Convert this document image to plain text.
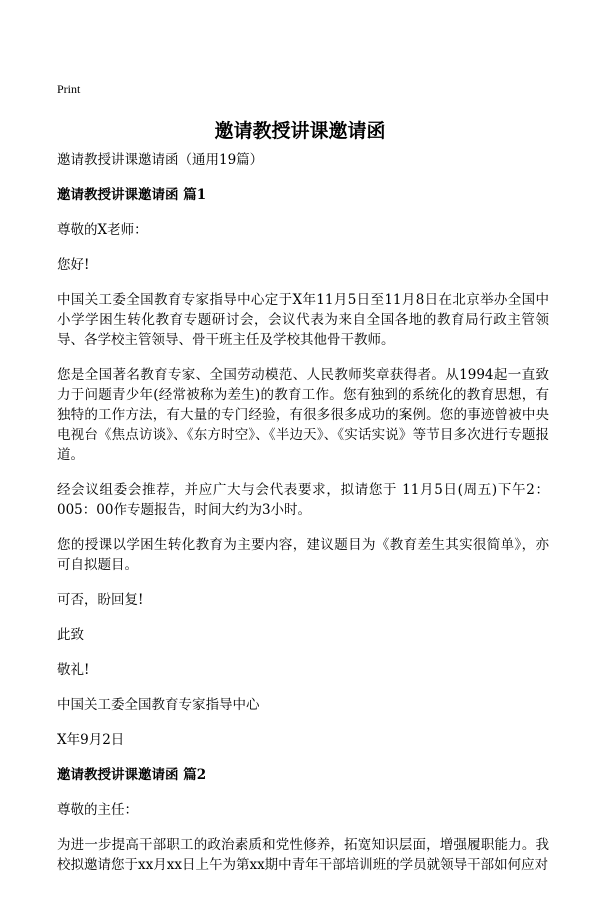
Print
邀请教授讲课邀请函

邀请教授讲课邀请函（通用19篇）

邀请教授讲课邀请函 篇1

尊敬的X老师：

您好!

中国关工委全国教育专家指导中心定于X年11月5日至11月8日在北京举办全国中小学学困生转化教育专题研讨会，会议代表为来自全国各地的教育局行政主管领导、各学校主管领导、骨干班主任及学校其他骨干教师。

您是全国著名教育专家、全国劳动模范、人民教师奖章获得者。从1994起一直致力于问题青少年(经常被称为差生)的教育工作。您有独到的系统化的教育思想，有独特的工作方法，有大量的专门经验，有很多很多成功的案例。您的事迹曾被中央电视台《焦点访谈》、《东方时空》、《半边天》、《实话实说》等节目多次进行专题报道。

经会议组委会推荐，并应广大与会代表要求，拟请您于 11月5日(周五)下午2：005：00作专题报告，时间大约为3小时。

您的授课以学困生转化教育为主要内容，建议题目为《教育差生其实很简单》，亦可自拟题目。

可否，盼回复!

此致

敬礼!

中国关工委全国教育专家指导中心

X年9月2日

邀请教授讲课邀请函 篇2

尊敬的主任：

为进一步提高干部职工的政治素质和党性修养，拓宽知识层面，增强履职能力。我校拟邀请您于xx月xx日上午为第xx期中青年干部培训班的学员就领导干部如何应对
